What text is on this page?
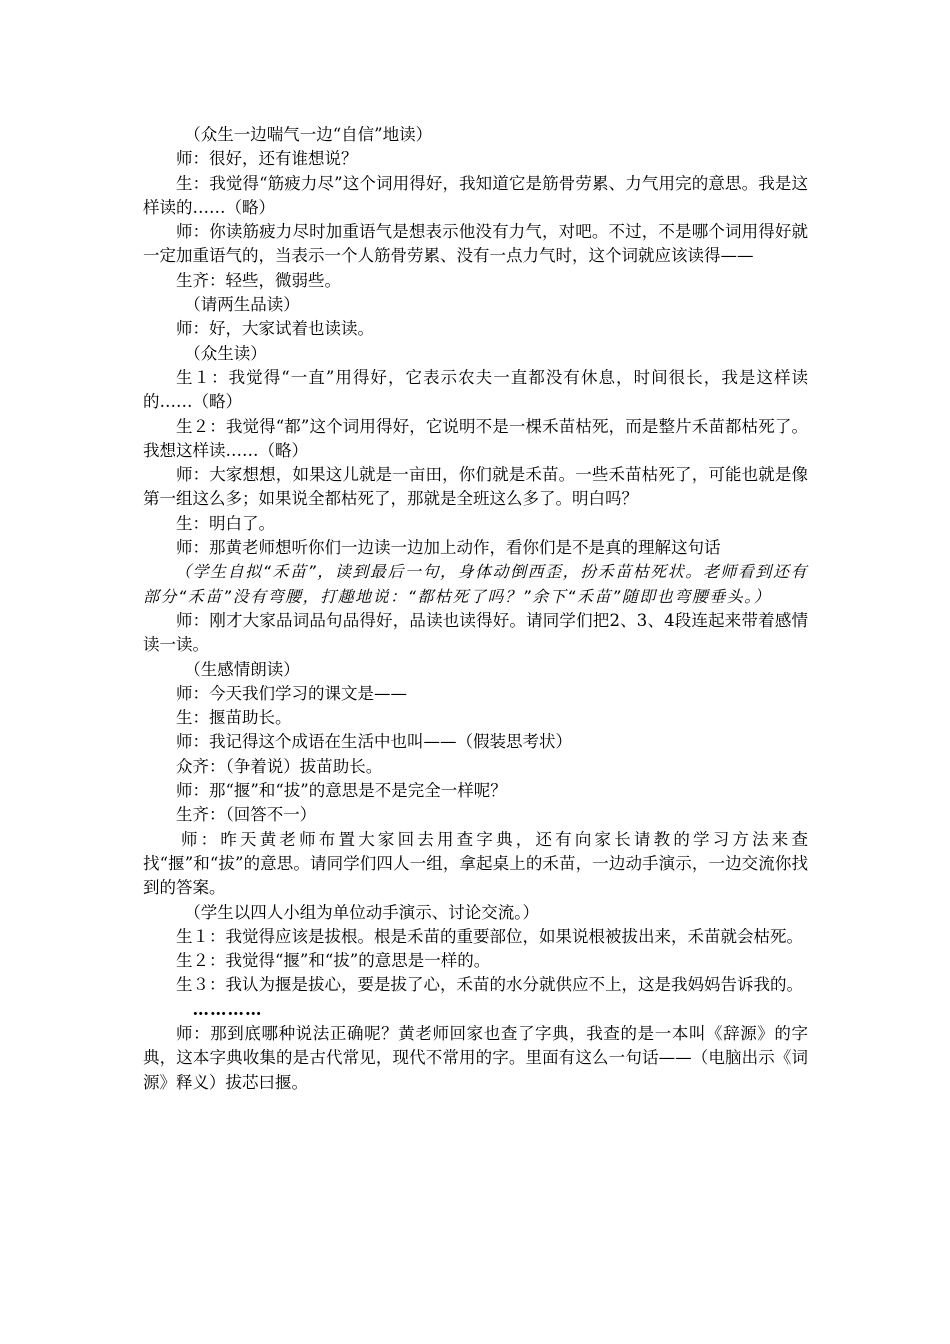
（众生一边喘气一边“自信”地读）

师：很好，还有谁想说？

生：我觉得“筋疲力尽”这个词用得好，我知道它是筋骨劳累、力气用完的意思。我是这样读的……（略）

师：你读筋疲力尽时加重语气是想表示他没有力气，对吧。不过，不是哪个词用得好就一定加重语气的，当表示一个人筋骨劳累、没有一点力气时，这个词就应该读得——

生齐：轻些，微弱些。

（请两生品读）

师：好，大家试着也读读。

（众生读）

生１：我觉得“一直”用得好，它表示农夫一直都没有休息，时间很长，我是这样读的……（略）

生２：我觉得“都”这个词用得好，它说明不是一棵禾苗枯死，而是整片禾苗都枯死了。我想这样读……（略）

师：大家想想，如果这儿就是一亩田，你们就是禾苗。一些禾苗枯死了，可能也就是像第一组这么多；如果说全都枯死了，那就是全班这么多了。明白吗？

生：明白了。

师：那黄老师想听你们一边读一边加上动作，看你们是不是真的理解这句话

（学生自拟“禾苗”，读到最后一句，身体动倒西歪，扮禾苗枯死状。老师看到还有部分“禾苗”没有弯腰，打趣地说：“都枯死了吗？”余下“禾苗”随即也弯腰垂头。）

师：刚才大家品词品句品得好，品读也读得好。请同学们把2、3、4段连起来带着感情读一读。

（生感情朗读）

师：今天我们学习的课文是——

生：揠苗助长。

师：我记得这个成语在生活中也叫——（假装思考状）

众齐：（争着说）拔苗助长。

师：那“揠”和“拔”的意思是不是完全一样呢？

生齐：（回答不一）

师：昨天黄老师布置大家回去用查字典，还有向家长请教的学习方法来查找“揠”和“拔”的意思。请同学们四人一组，拿起桌上的禾苗，一边动手演示，一边交流你找到的答案。

（学生以四人小组为单位动手演示、讨论交流。）

生１：我觉得应该是拔根。根是禾苗的重要部位，如果说根被拔出来，禾苗就会枯死。

生２：我觉得“揠”和“拔”的意思是一样的。

生３：我认为揠是拔心，要是拔了心，禾苗的水分就供应不上，这是我妈妈告诉我的。

…………

师：那到底哪种说法正确呢？黄老师回家也查了字典，我查的是一本叫《辞源》的字典，这本字典收集的是古代常见，现代不常用的字。里面有这么一句话——（电脑出示《词源》释义）拔芯曰揠。
